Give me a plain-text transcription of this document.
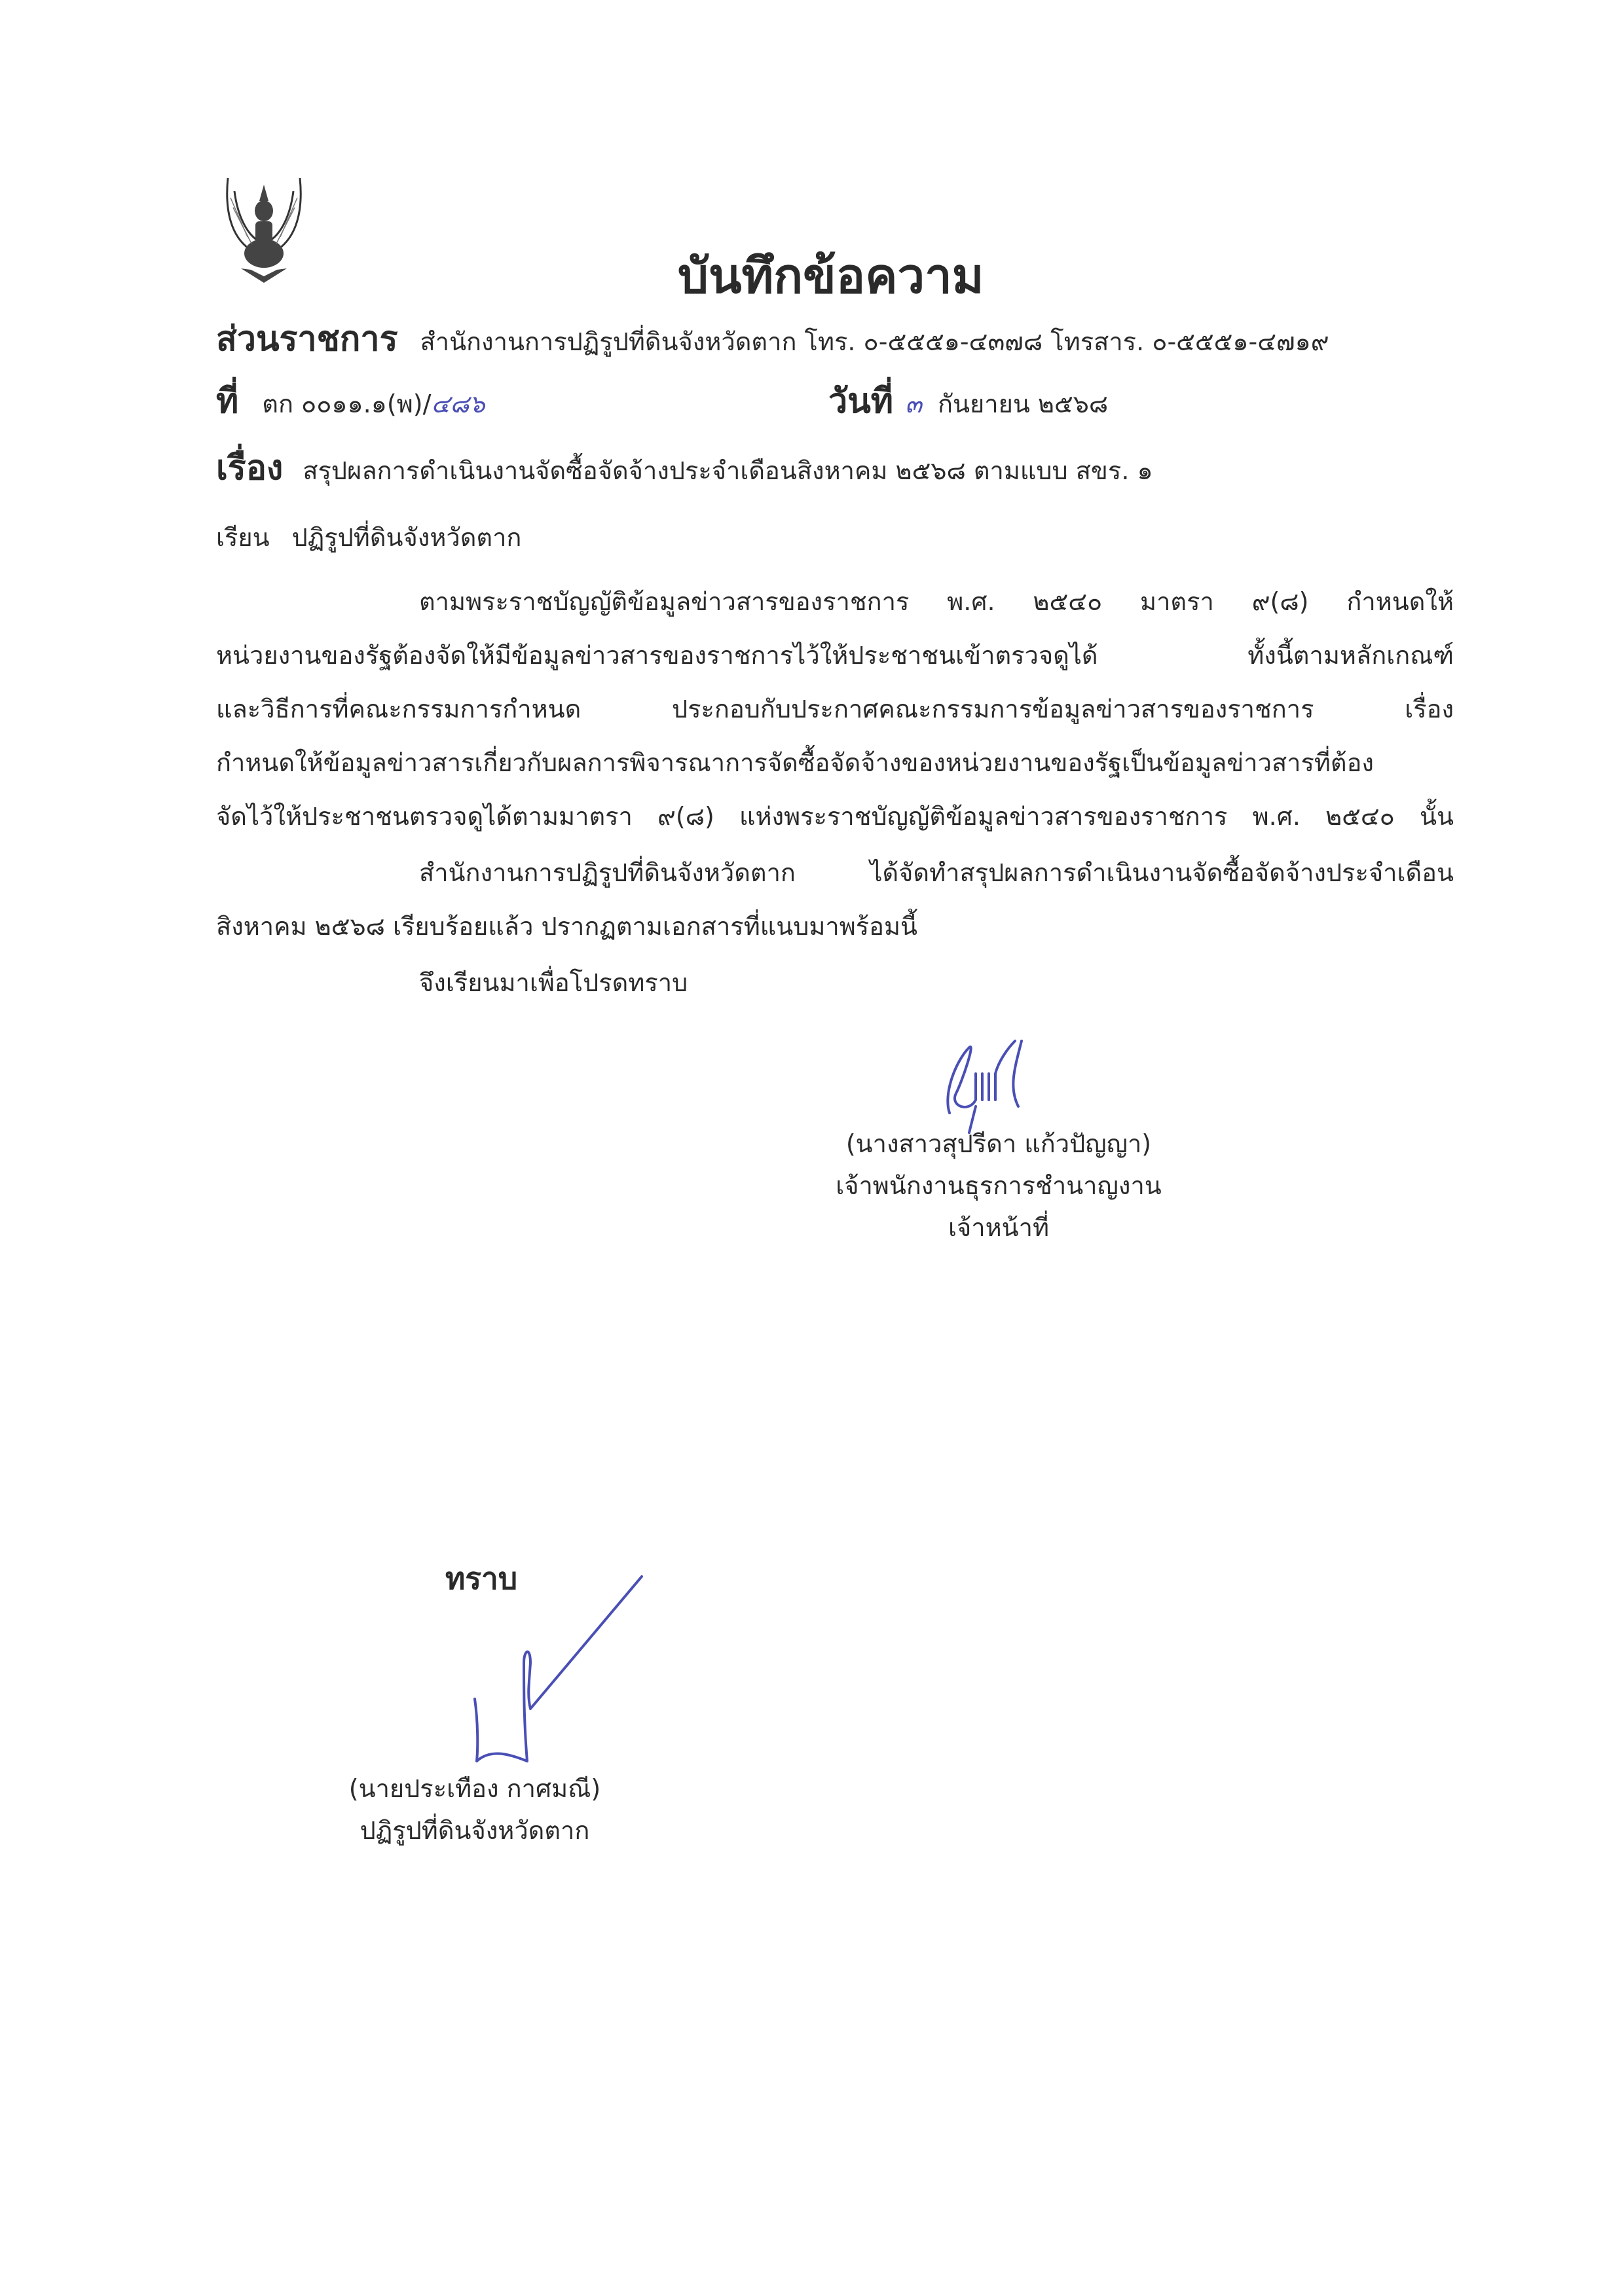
บันทึกข้อความ
ส่วนราชการ สำนักงานการปฏิรูปที่ดินจังหวัดตาก โทร. ๐-๕๕๕๑-๔๓๗๘ โทรสาร. ๐-๕๕๕๑-๔๗๑๙
ที่ ตก ๐๐๑๑.๑(พ)/ ๔๘๖	วันที่ ๓ กันยายน ๒๕๖๘
เรื่อง สรุปผลการดำเนินงานจัดซื้อจัดจ้างประจำเดือนสิงหาคม ๒๕๖๘ ตามแบบ สขร. ๑
เรียน ปฏิรูปที่ดินจังหวัดตาก
ตามพระราชบัญญัติข้อมูลข่าวสารของราชการ พ.ศ. ๒๕๔๐ มาตรา ๙(๘) กำหนดให้
หน่วยงานของรัฐต้องจัดให้มีข้อมูลข่าวสารของราชการไว้ให้ประชาชนเข้าตรวจดูได้ ทั้งนี้ตามหลักเกณฑ์
และวิธีการที่คณะกรรมการกำหนด ประกอบกับประกาศคณะกรรมการข้อมูลข่าวสารของราชการ เรื่อง
กำหนดให้ข้อมูลข่าวสารเกี่ยวกับผลการพิจารณาการจัดซื้อจัดจ้างของหน่วยงานของรัฐเป็นข้อมูลข่าวสารที่ต้อง
จัดไว้ให้ประชาชนตรวจดูได้ตามมาตรา ๙(๘) แห่งพระราชบัญญัติข้อมูลข่าวสารของราชการ พ.ศ. ๒๕๔๐ นั้น
สำนักงานการปฏิรูปที่ดินจังหวัดตาก ได้จัดทำสรุปผลการดำเนินงานจัดซื้อจัดจ้างประจำเดือน
สิงหาคม ๒๕๖๘ เรียบร้อยแล้ว ปรากฏตามเอกสารที่แนบมาพร้อมนี้
จึงเรียนมาเพื่อโปรดทราบ
(นางสาวสุปรีดา แก้วปัญญา)
เจ้าพนักงานธุรการชำนาญงาน
เจ้าหน้าที่
ทราบ
(นายประเทือง กาศมณี)
ปฏิรูปที่ดินจังหวัดตาก
